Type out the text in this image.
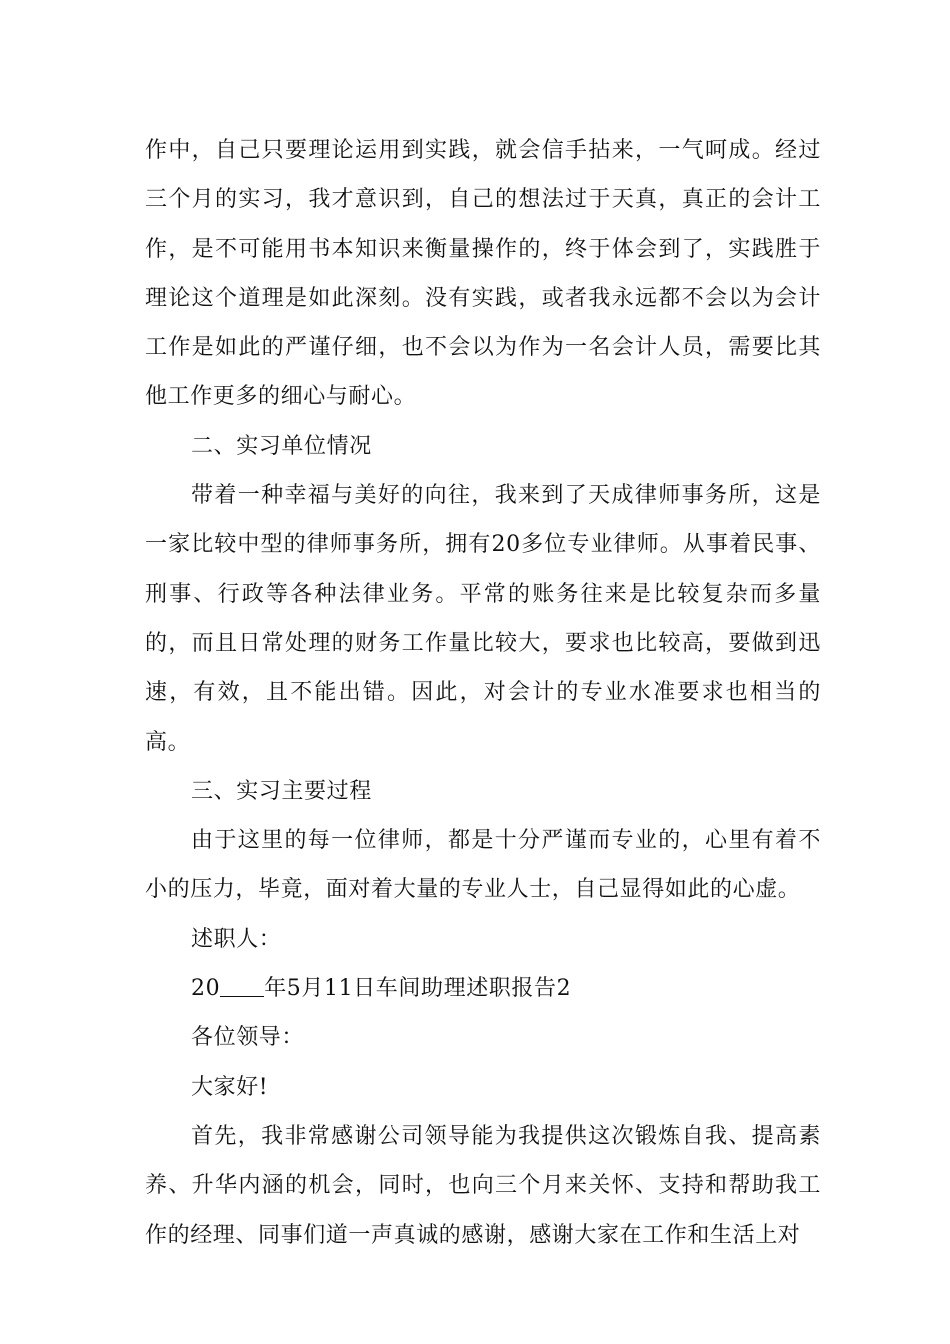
作中，自己只要理论运用到实践，就会信手拈来，一气呵成。经过三个月的实习，我才意识到，自己的想法过于天真，真正的会计工作，是不可能用书本知识来衡量操作的，终于体会到了，实践胜于理论这个道理是如此深刻。没有实践，或者我永远都不会以为会计工作是如此的严谨仔细，也不会以为作为一名会计人员，需要比其他工作更多的细心与耐心。

二、实习单位情况

带着一种幸福与美好的向往，我来到了天成律师事务所，这是一家比较中型的律师事务所，拥有20多位专业律师。从事着民事、刑事、行政等各种法律业务。平常的账务往来是比较复杂而多量的，而且日常处理的财务工作量比较大，要求也比较高，要做到迅速，有效，且不能出错。因此，对会计的专业水准要求也相当的高。

三、实习主要过程

由于这里的每一位律师，都是十分严谨而专业的，心里有着不小的压力，毕竟，面对着大量的专业人士，自己显得如此的心虚。

述职人：

20 年5月11日车间助理述职报告2

各位领导：

大家好!

首先，我非常感谢公司领导能为我提供这次锻炼自我、提高素养、升华内涵的机会，同时，也向三个月来关怀、支持和帮助我工作的经理、同事们道一声真诚的感谢，感谢大家在工作和生活上对
